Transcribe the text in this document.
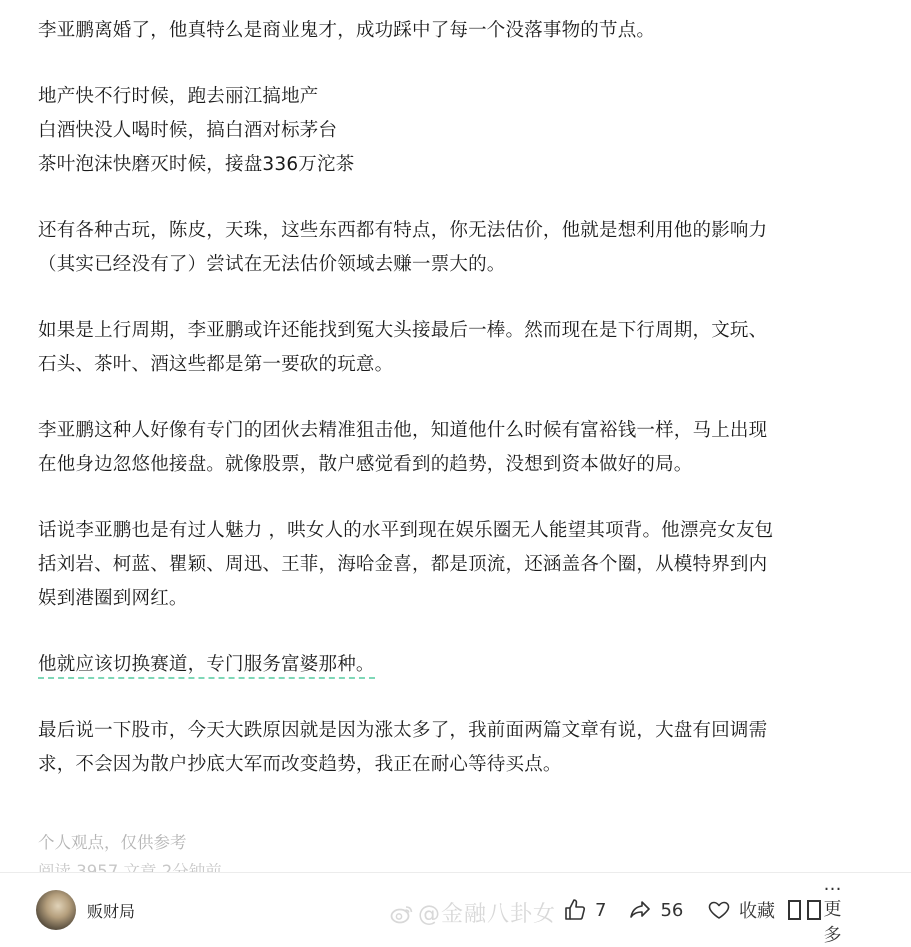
李亚鹏离婚了，他真特么是商业鬼才，成功踩中了每一个没落事物的节点。

地产快不行时候，跑去丽江搞地产
白酒快没人喝时候，搞白酒对标茅台
茶叶泡沫快磨灭时候，接盘336万沱茶

还有各种古玩，陈皮，天珠，这些东西都有特点，你无法估价，他就是想利用他的影响力
（其实已经没有了）尝试在无法估价领域去赚一票大的。

如果是上行周期，李亚鹏或许还能找到冤大头接最后一棒。然而现在是下行周期，文玩、
石头、茶叶、酒这些都是第一要砍的玩意。

李亚鹏这种人好像有专门的团伙去精准狙击他，知道他什么时候有富裕钱一样，马上出现
在他身边忽悠他接盘。就像股票，散户感觉看到的趋势，没想到资本做好的局。

话说李亚鹏也是有过人魅力 ，哄女人的水平到现在娱乐圈无人能望其项背。他漂亮女友包
括刘岩、柯蓝、瞿颖、周迅、王菲，海哈金喜，都是顶流，还涵盖各个圈，从模特界到内
娱到港圈到网红。

他就应该切换赛道，专门服务富婆那种。

最后说一下股市，今天大跌原因就是因为涨太多了，我前面两篇文章有说，大盘有回调需
求，不会因为散户抄底大军而改变趋势，我正在耐心等待买点。

个人观点，仅供参考
贩财局	@金融八卦女 7	56	收藏
… 更多
